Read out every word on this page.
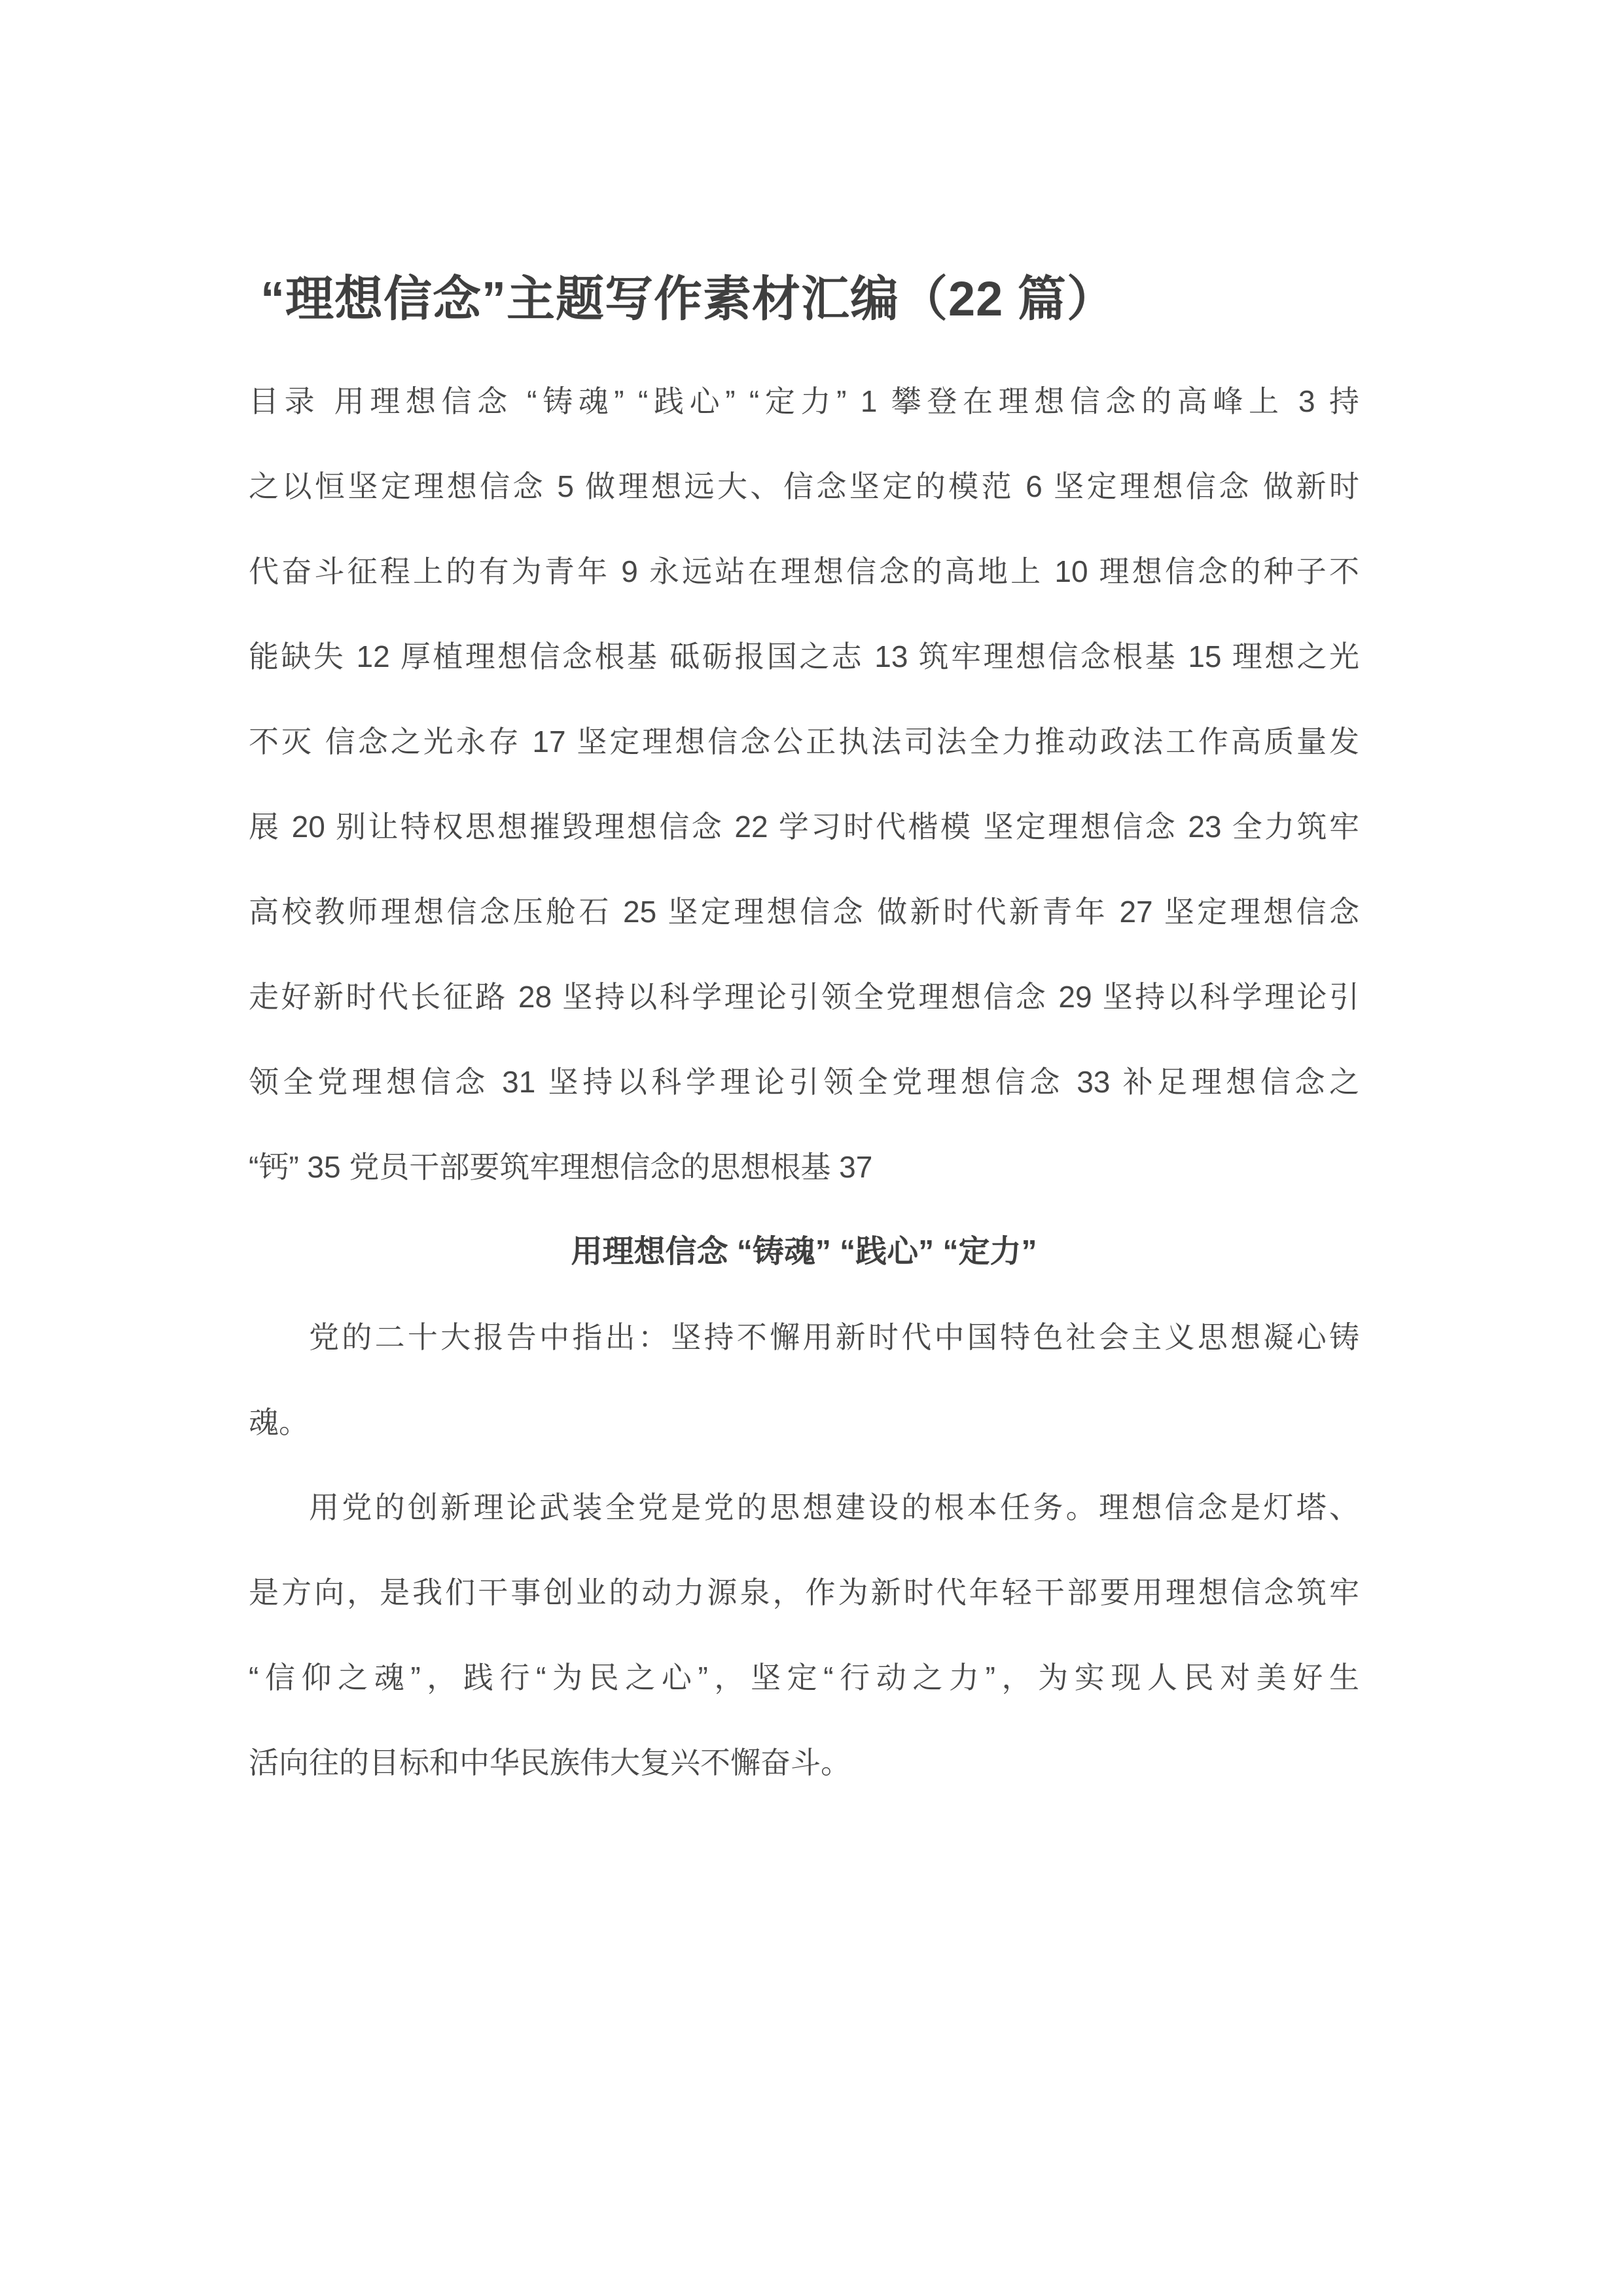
“理想信念”主题写作素材汇编（22 篇）
目录 用理想信念 “铸魂” “践心” “定力” 1 攀登在理想信念的高峰上 3 持
之以恒坚定理想信念 5 做理想远大、信念坚定的模范 6 坚定理想信念 做新时
代奋斗征程上的有为青年 9 永远站在理想信念的高地上 10 理想信念的种子不
能缺失 12 厚植理想信念根基 砥砺报国之志 13 筑牢理想信念根基 15 理想之光
不灭 信念之光永存 17 坚定理想信念公正执法司法全力推动政法工作高质量发
展 20 别让特权思想摧毁理想信念 22 学习时代楷模 坚定理想信念 23 全力筑牢
高校教师理想信念压舱石 25 坚定理想信念 做新时代新青年 27 坚定理想信念
走好新时代长征路 28 坚持以科学理论引领全党理想信念 29 坚持以科学理论引
领全党理想信念 31 坚持以科学理论引领全党理想信念 33 补足理想信念之
“钙” 35 党员干部要筑牢理想信念的思想根基 37
用理想信念 “铸魂” “践心” “定力”
党的二十大报告中指出：坚持不懈用新时代中国特色社会主义思想凝心铸
魂。
用党的创新理论武装全党是党的思想建设的根本任务。理想信念是灯塔、
是方向，是我们干事创业的动力源泉，作为新时代年轻干部要用理想信念筑牢
“信仰之魂”，践行“为民之心”，坚定“行动之力”，为实现人民对美好生
活向往的目标和中华民族伟大复兴不懈奋斗。
